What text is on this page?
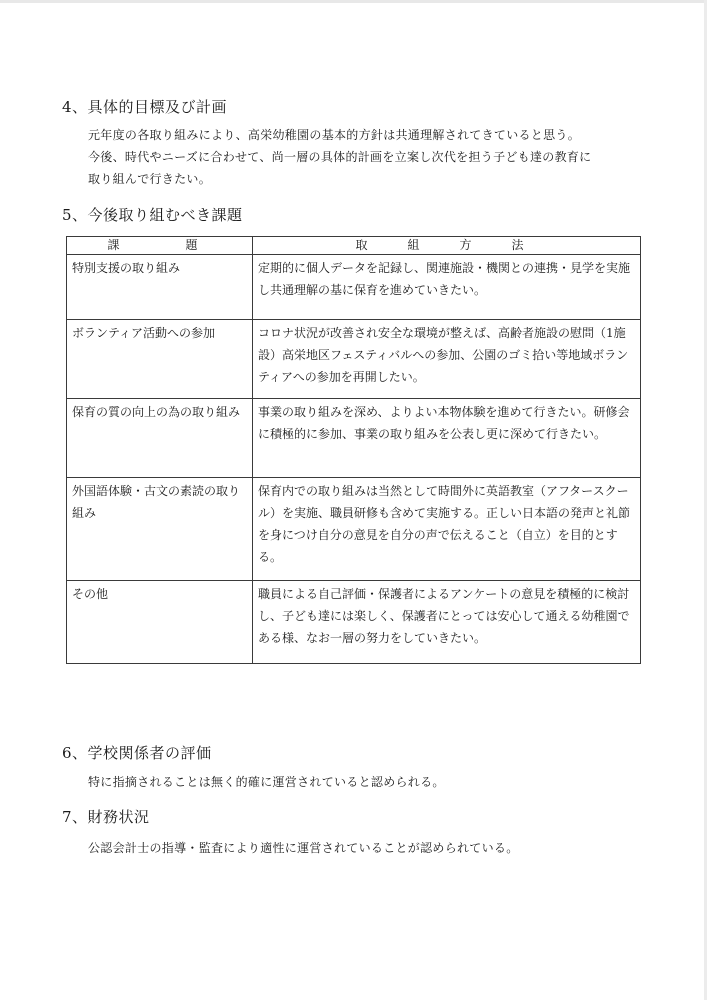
4、具体的目標及び計画

元年度の各取り組みにより、高栄幼稚園の基本的方針は共通理解されてきていると思う。

今後、時代やニーズに合わせて、尚一層の具体的計画を立案し次代を担う子ども達の教育に

取り組んで行きたい。

5、今後取り組むべき課題
課　　題	取　組　方　法
特別支援の取り組み	定期的に個人データを記録し、関連施設・機関との連携・見学を実施し共通理解の基に保育を進めていきたい。
ボランティア活動への参加	コロナ状況が改善され安全な環境が整えば、高齢者施設の慰問（1施設）高栄地区フェスティバルへの参加、公園のゴミ拾い等地域ボランティアへの参加を再開したい。
保育の質の向上の為の取り組み	事業の取り組みを深め、よりよい本物体験を進めて行きたい。研修会に積極的に参加、事業の取り組みを公表し更に深めて行きたい。
外国語体験・古文の素読の取り組み	保育内での取り組みは当然として時間外に英語教室（アフタースクール）を実施、職員研修も含めて実施する。正しい日本語の発声と礼節を身につけ自分の意見を自分の声で伝えること（自立）を目的とする。
その他	職員による自己評価・保護者によるアンケートの意見を積極的に検討し、子ども達には楽しく、保護者にとっては安心して通える幼稚園である様、なお一層の努力をしていきたい。
6、学校関係者の評価
特に指摘されることは無く的確に運営されていると認められる。
7、財務状況
公認会計士の指導・監査により適性に運営されていることが認められている。
